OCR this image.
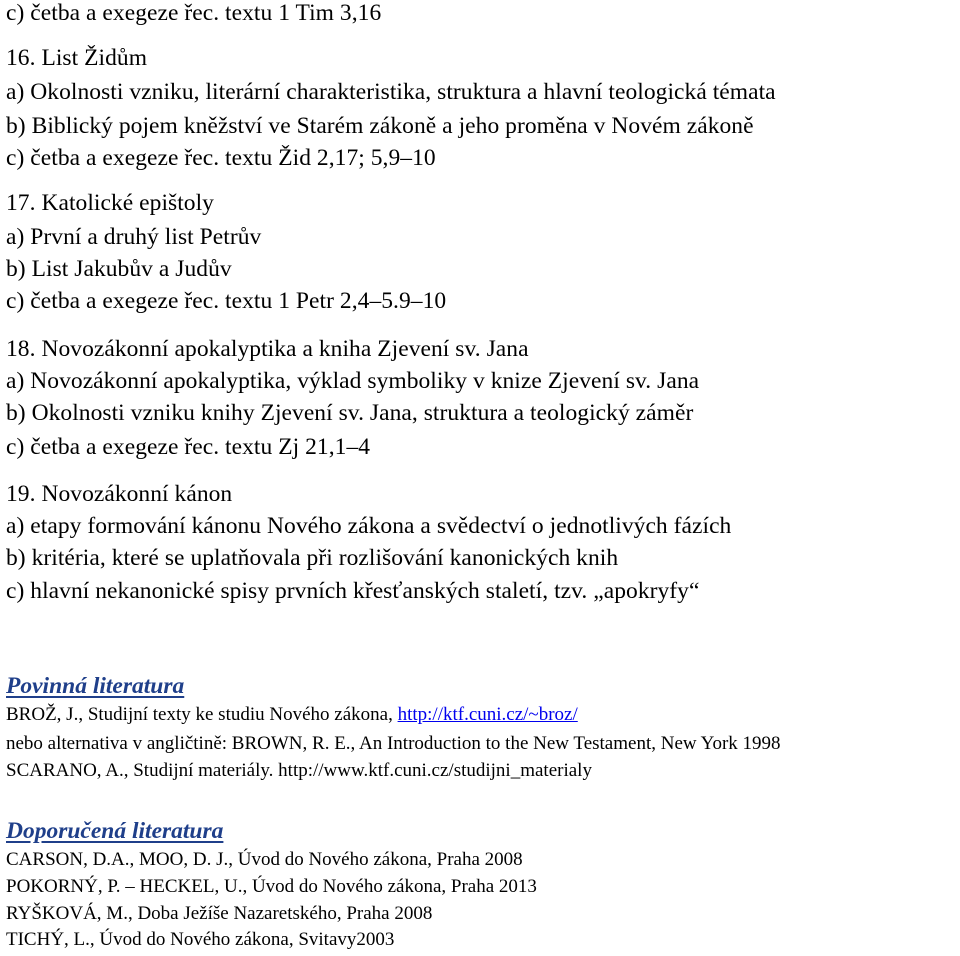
c) četba a exegeze řec. textu 1 Tim 3,16
16. List Židům
a) Okolnosti vzniku, literární charakteristika, struktura a hlavní teologická témata
b) Biblický pojem kněžství ve Starém zákoně a jeho proměna v Novém zákoně
c) četba a exegeze řec. textu Žid 2,17; 5,9–10
17. Katolické epištoly
a) První a druhý list Petrův
b) List Jakubův a Judův
c) četba a exegeze řec. textu 1 Petr 2,4–5.9–10
18. Novozákonní apokalyptika a kniha Zjevení sv. Jana
a) Novozákonní apokalyptika, výklad symboliky v knize Zjevení sv. Jana
b) Okolnosti vzniku knihy Zjevení sv. Jana, struktura a teologický záměr
c) četba a exegeze řec. textu Zj 21,1–4
19. Novozákonní kánon
a) etapy formování kánonu Nového zákona a svědectví o jednotlivých fázích
b) kritéria, které se uplatňovala při rozlišování kanonických knih
c) hlavní nekanonické spisy prvních křesťanských staletí, tzv. „apokryfy“
Povinná literatura
BROŽ, J., Studijní texty ke studiu Nového zákona, http://ktf.cuni.cz/~broz/
nebo alternativa v angličtině: BROWN, R. E., An Introduction to the New Testament, New York 1998
SCARANO, A., Studijní materiály. http://www.ktf.cuni.cz/studijni_materialy
Doporučená literatura
CARSON, D.A., MOO, D. J., Úvod do Nového zákona, Praha 2008
POKORNÝ, P. – HECKEL, U., Úvod do Nového zákona, Praha 2013
RYŠKOVÁ, M., Doba Ježíše Nazaretského, Praha 2008
TICHÝ, L., Úvod do Nového zákona, Svitavy2003
